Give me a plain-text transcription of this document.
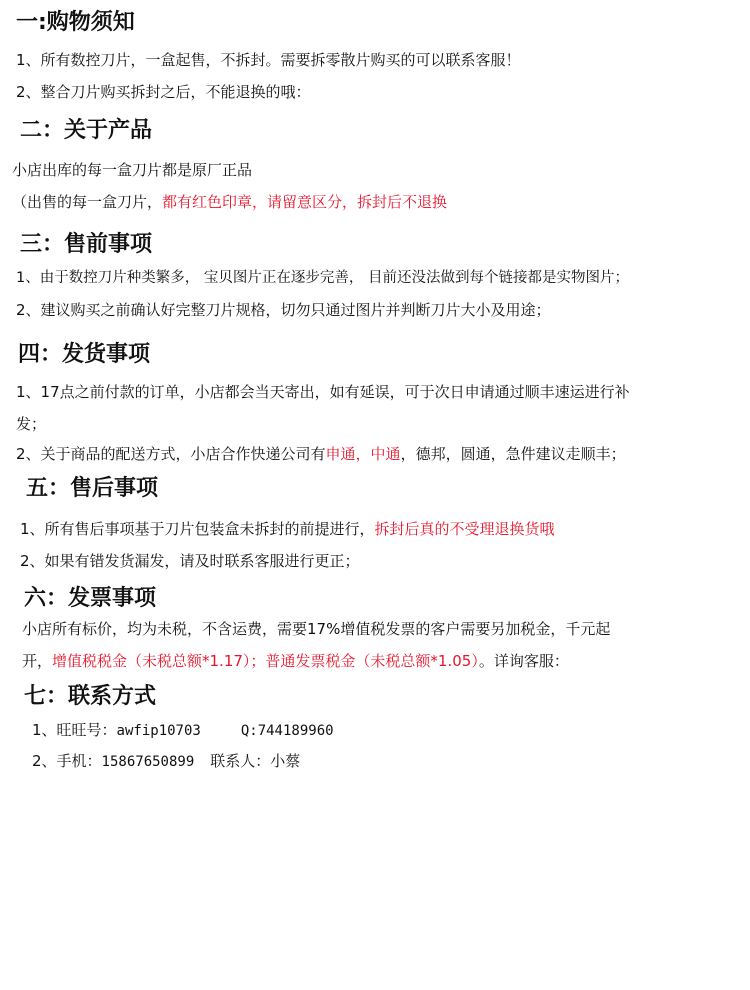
一:购物须知
1、所有数控刀片，一盒起售，不拆封。需要拆零散片购买的可以联系客服！
2、整合刀片购买拆封之后，不能退换的哦：
二：关于产品
小店出库的每一盒刀片都是原厂正品
（出售的每一盒刀片，都有红色印章，请留意区分，拆封后不退换
三：售前事项
1、由于数控刀片种类繁多， 宝贝图片正在逐步完善， 目前还没法做到每个链接都是实物图片；
2、建议购买之前确认好完整刀片规格，切勿只通过图片并判断刀片大小及用途；
四：发货事项
1、17点之前付款的订单，小店都会当天寄出，如有延误，可于次日申请通过顺丰速运进行补
发；
2、关于商品的配送方式，小店合作快递公司有申通，中通，德邦，圆通，急件建议走顺丰；
五：售后事项
1、所有售后事项基于刀片包装盒未拆封的前提进行，拆封后真的不受理退换货哦
2、如果有错发货漏发，请及时联系客服进行更正；
六：发票事项
小店所有标价，均为未税，不含运费，需要17%增值税发票的客户需要另加税金，千元起
开，增值税税金（未税总额*1.17）；普通发票税金（未税总额*1.05）。详询客服：
七：联系方式
1、旺旺号：awfip10703	Q:744189960
2、手机：15867650899 联系人：小蔡
